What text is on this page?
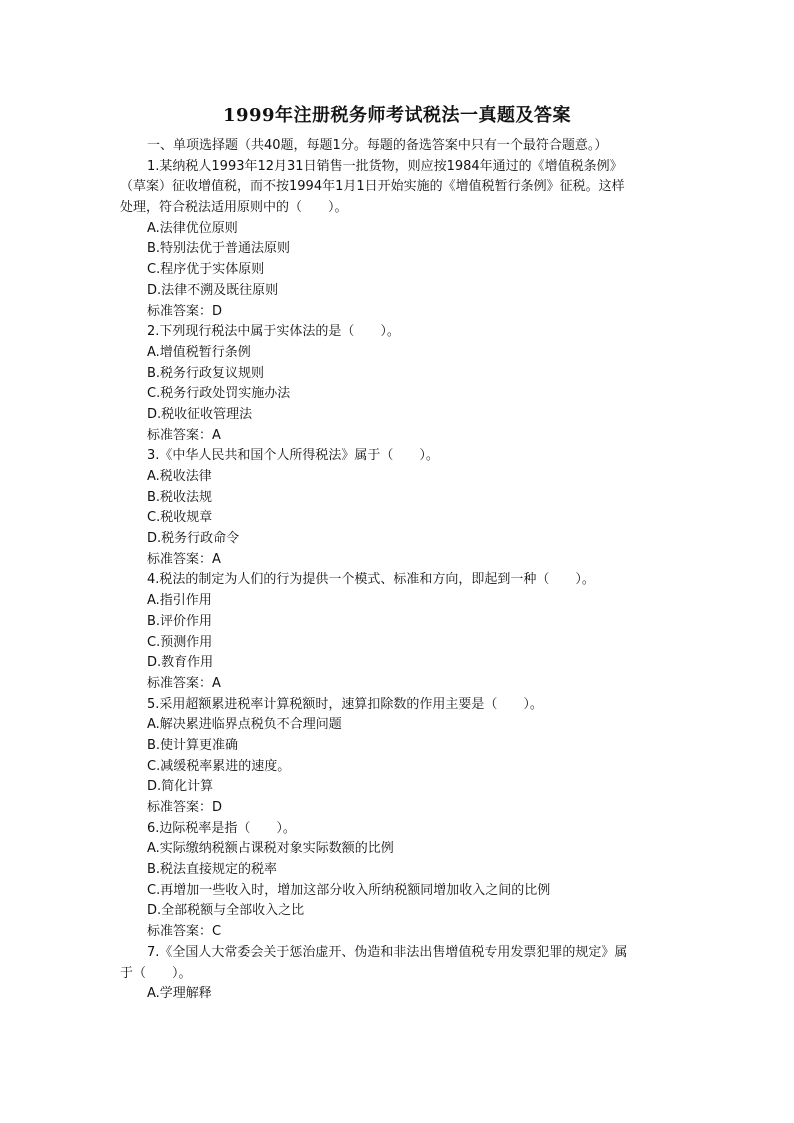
1999年注册税务师考试税法一真题及答案
一、单项选择题（共40题，每题1分。每题的备选答案中只有一个最符合题意。）
1.某纳税人1993年12月31日销售一批货物，则应按1984年通过的《增值税条例》
（草案）征收增值税，而不按1994年1月1日开始实施的《增值税暂行条例》征税。这样
处理，符合税法适用原则中的（　　）。
A.法律优位原则
B.特别法优于普通法原则
C.程序优于实体原则
D.法律不溯及既往原则
标准答案：D
2.下列现行税法中属于实体法的是（　　）。
A.增值税暂行条例
B.税务行政复议规则
C.税务行政处罚实施办法
D.税收征收管理法
标准答案：A
3.《中华人民共和国个人所得税法》属于（　　）。
A.税收法律
B.税收法规
C.税收规章
D.税务行政命令
标准答案：A
4.税法的制定为人们的行为提供一个模式、标准和方向，即起到一种（　　）。
A.指引作用
B.评价作用
C.预测作用
D.教育作用
标准答案：A
5.采用超额累进税率计算税额时，速算扣除数的作用主要是（　　）。
A.解决累进临界点税负不合理问题
B.使计算更准确
C.减缓税率累进的速度。
D.简化计算
标准答案：D
6.边际税率是指（　　）。
A.实际缴纳税额占课税对象实际数额的比例
B.税法直接规定的税率
C.再增加一些收入时，增加这部分收入所纳税额同增加收入之间的比例
D.全部税额与全部收入之比
标准答案：C
7.《全国人大常委会关于惩治虚开、伪造和非法出售增值税专用发票犯罪的规定》属
于（　　）。
A.学理解释
